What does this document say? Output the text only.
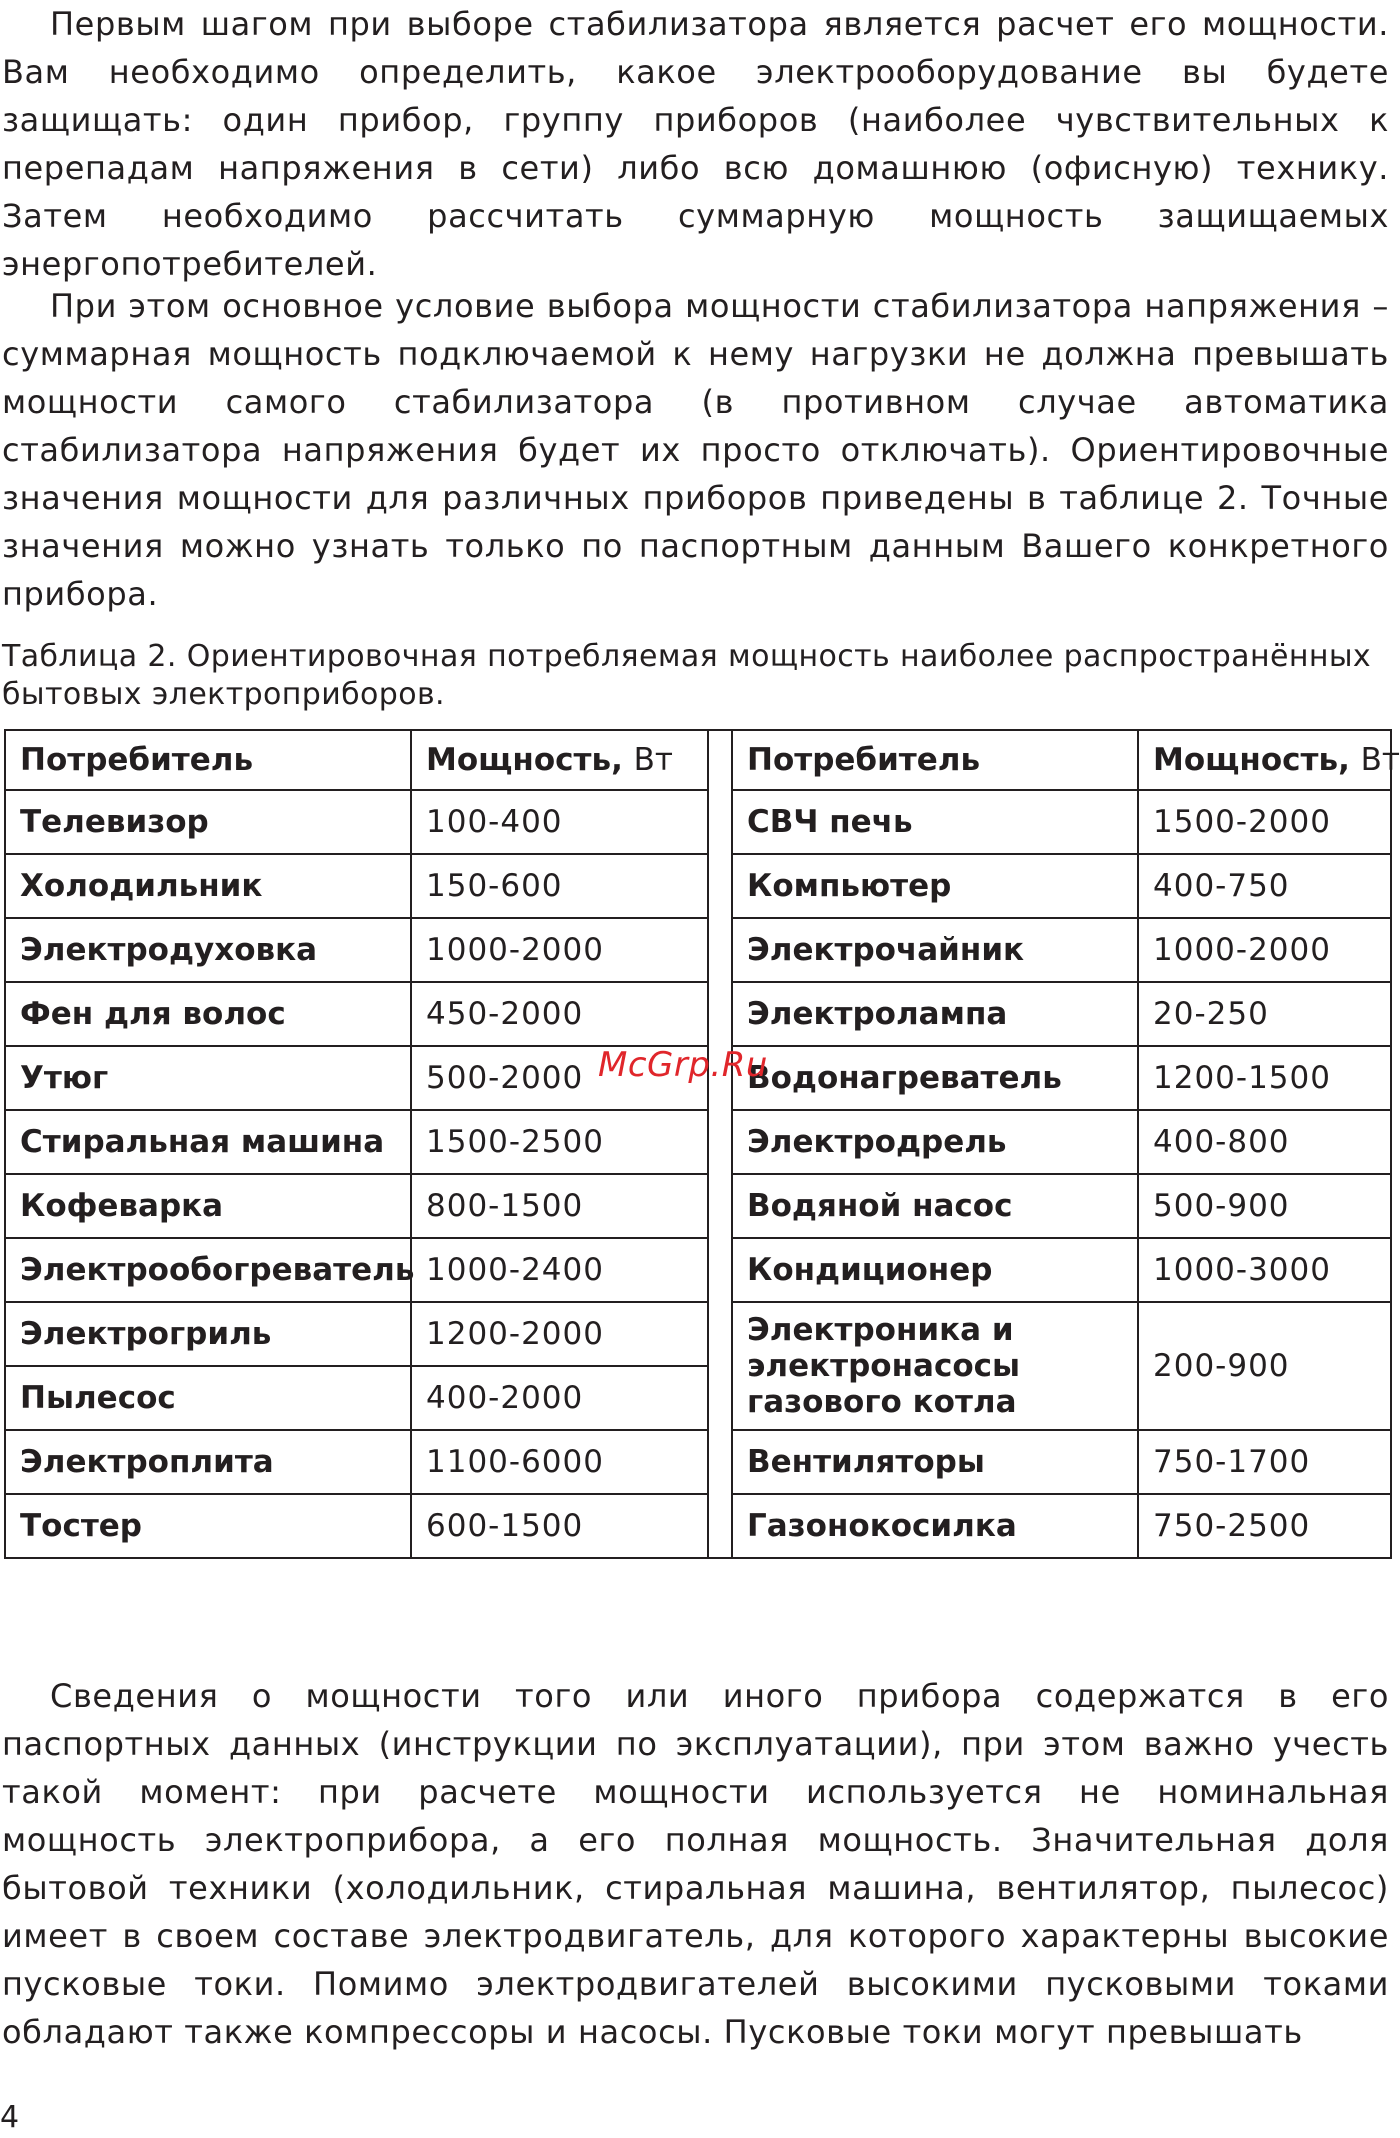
Первым шагом при выборе стабилизатора является расчет его мощности. Вам необходимо определить, какое электрооборудование вы будете защищать: один прибор, группу приборов (наиболее чувствительных к перепадам напряжения в сети) либо всю домашнюю (офисную) технику. Затем необходимо рассчитать суммарную мощность защищаемых энергопотребителей.

При этом основное условие выбора мощности стабилизатора напряжения – суммарная мощность подключаемой к нему нагрузки не должна превышать мощности самого стабилизатора (в противном случае автоматика стабилизатора напряжения будет их просто отключать). Ориентировочные значения мощности для различных приборов приведены в таблице 2. Точные значения можно узнать только по паспортным данным Вашего конкретного прибора.

Таблица 2. Ориентировочная потребляемая мощность наиболее распространённых бытовых электроприборов.

Потребитель	Мощность, Вт		Потребитель	Мощность, Вт
Телевизор	100-400		СВЧ печь	1500-2000
Холодильник	150-600		Компьютер	400-750
Электродуховка	1000-2000		Электрочайник	1000-2000
Фен для волос	450-2000		Электролампа	20-250
Утюг	500-2000		Водонагреватель	1200-1500
Стиральная машина	1500-2500		Электродрель	400-800
Кофеварка	800-1500		Водяной насос	500-900
Электрообогреватель	1000-2400		Кондиционер	1000-3000
Электрогриль	1200-2000		Электроника и электронасосы газового котла	200-900
Пылесос	400-2000			
Электроплита	1100-6000		Вентиляторы	750-1700
Тостер	600-1500		Газонокосилка	750-2500
McGrp.Ru

Сведения о мощности того или иного прибора содержатся в его паспортных данных (инструкции по эксплуатации), при этом важно учесть такой момент: при расчете мощности используется не номинальная мощность электроприбора, а его полная мощность. Значительная доля бытовой техники (холодильник, стиральная машина, вентилятор, пылесос) имеет в своем составе электродвигатель, для которого характерны высокие пусковые токи. Помимо электродвигателей высокими пусковыми токами обладают также компрессоры и насосы. Пусковые токи могут превышать

4
